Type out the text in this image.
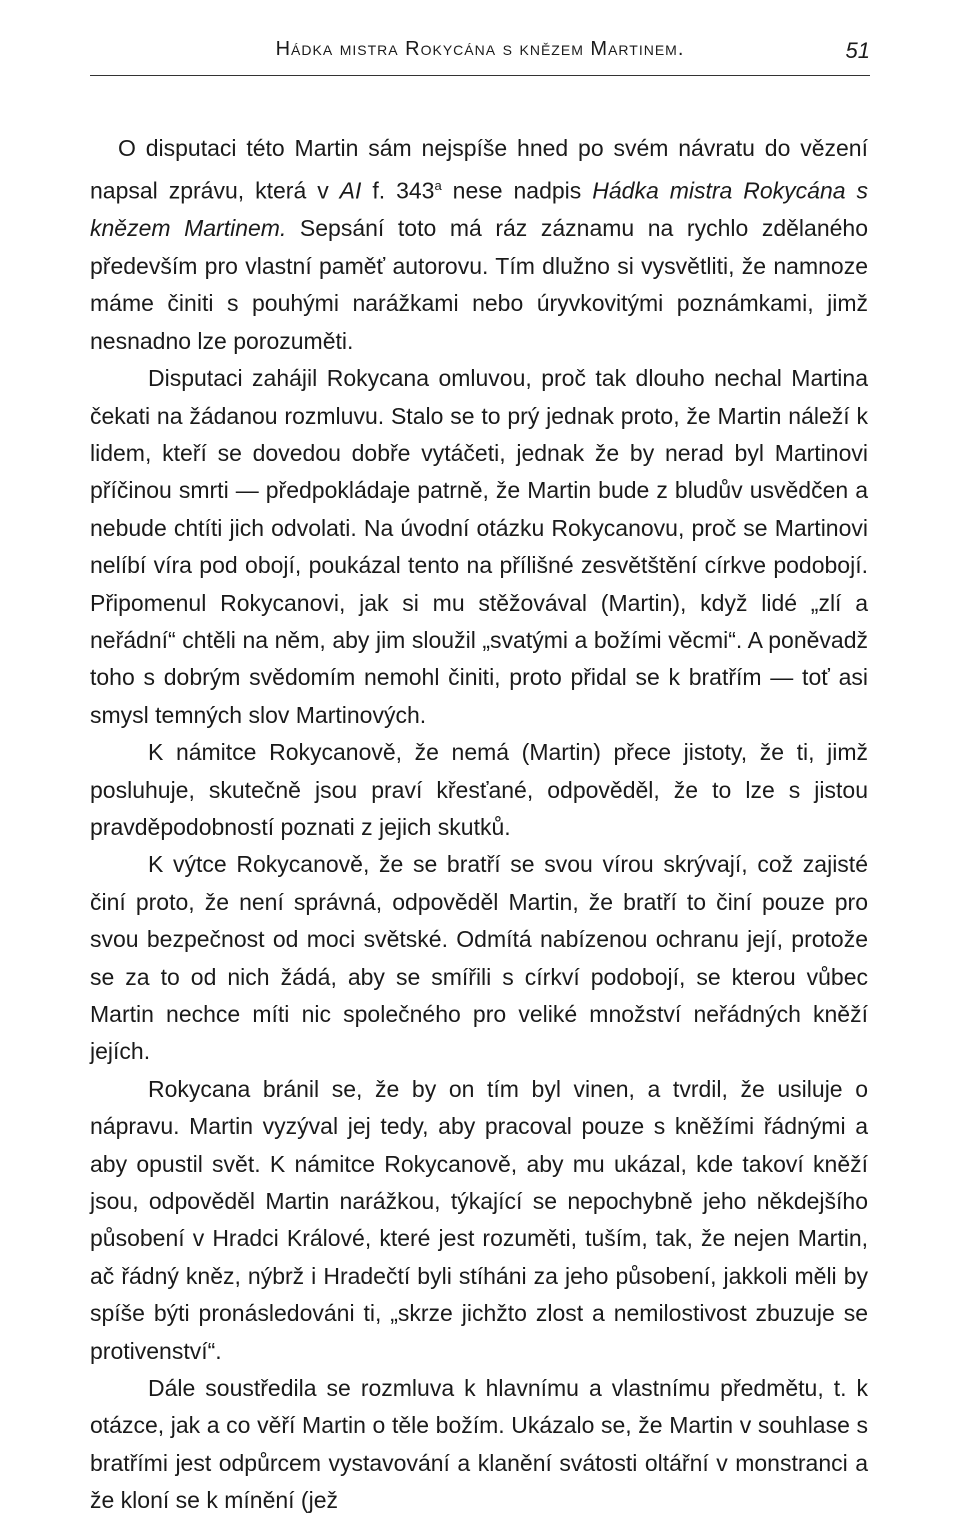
Hádka mistra Rokycána s knězem Martinem.	51

O disputaci této Martin sám nejspíše hned po svém návratu do vězení napsal zprávu, která v AI f. 343$^a$ nese nadpis Hádka mistra Rokycána s knězem Martinem. Sepsání toto má ráz záznamu na rychlo zdělaného především pro vlastní paměť autorovu. Tím dlužno si vysvětliti, že namnoze máme činiti s pouhými narážkami nebo úryvkovitými poznámkami, jimž nesnadno lze porozuměti.

Disputaci zahájil Rokycana omluvou, proč tak dlouho nechal Martina čekati na žádanou rozmluvu. Stalo se to prý jednak proto, že Martin náleží k lidem, kteří se dovedou dobře vytáčeti, jednak že by nerad byl Martinovi příčinou smrti — předpokládaje patrně, že Martin bude z bludův usvědčen a nebude chtíti jich odvolati. Na úvodní otázku Rokycanovu, proč se Martinovi nelíbí víra pod obojí, poukázal tento na přílišné zesvětštění církve podobojí. Připomenul Rokycanovi, jak si mu stěžovával (Martin), když lidé „zlí a neřádní“ chtěli na něm, aby jim sloužil „svatými a božími věcmi“. A poněvadž toho s dobrým svědomím nemohl činiti, proto přidal se k bratřím — toť asi smysl temných slov Martinových.

K námitce Rokycanově, že nemá (Martin) přece jistoty, že ti, jimž posluhuje, skutečně jsou praví křesťané, odpověděl, že to lze s jistou pravděpodobností poznati z jejich skutků.

K výtce Rokycanově, že se bratří se svou vírou skrývají, což zajisté činí proto, že není správná, odpověděl Martin, že bratří to činí pouze pro svou bezpečnost od moci světské. Odmítá nabízenou ochranu její, protože se za to od nich žádá, aby se smířili s církví podobojí, se kterou vůbec Martin nechce míti nic společného pro veliké množství neřádných kněží jejích.

Rokycana bránil se, že by on tím byl vinen, a tvrdil, že usiluje o nápravu. Martin vyzýval jej tedy, aby pracoval pouze s kněžími řádnými a aby opustil svět. K námitce Rokycanově, aby mu ukázal, kde takoví kněží jsou, odpověděl Martin narážkou, týkající se nepochybně jeho někdejšího působení v Hradci Králové, které jest rozuměti, tuším, tak, že nejen Martin, ač řádný kněz, nýbrž i Hradečtí byli stíháni za jeho působení, jakkoli měli by spíše býti pronásledováni ti, „skrze jichžto zlost a nemilostivost zbuzuje se protivenství“.

Dále soustředila se rozmluva k hlavnímu a vlastnímu předmětu, t. k otázce, jak a co věří Martin o těle božím. Ukázalo se, že Martin v souhlase s bratřími jest odpůrcem vystavování a klanění svátosti oltářní v monstranci a že kloní se k mínění (jež
